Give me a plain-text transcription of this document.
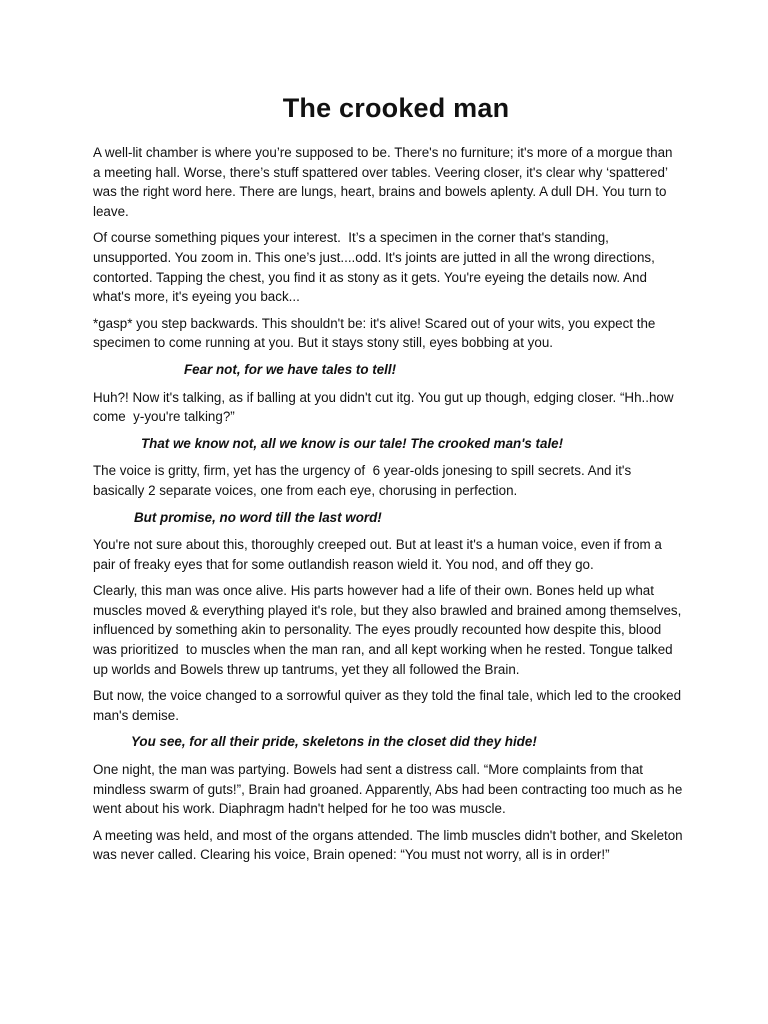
The crooked man

A well-lit chamber is where you’re supposed to be. There's no furniture; it's more of a morgue than a meeting hall. Worse, there’s stuff spattered over tables. Veering closer, it's clear why ‘spattered’ was the right word here. There are lungs, heart, brains and bowels aplenty. A dull DH. You turn to leave.

Of course something piques your interest.  It’s a specimen in the corner that's standing, unsupported. You zoom in. This one’s just....odd. It's joints are jutted in all the wrong directions, contorted. Tapping the chest, you find it as stony as it gets. You're eyeing the details now. And what's more, it's eyeing you back...

*gasp* you step backwards. This shouldn't be: it's alive! Scared out of your wits, you expect the specimen to come running at you. But it stays stony still, eyes bobbing at you.

Fear not, for we have tales to tell!

Huh?! Now it's talking, as if balling at you didn't cut itg. You gut up though, edging closer. “Hh..how come  y-you're talking?”

That we know not, all we know is our tale! The crooked man's tale!

The voice is gritty, firm, yet has the urgency of  6 year-olds jonesing to spill secrets. And it's basically 2 separate voices, one from each eye, chorusing in perfection.

But promise, no word till the last word!

You're not sure about this, thoroughly creeped out. But at least it's a human voice, even if from a pair of freaky eyes that for some outlandish reason wield it. You nod, and off they go.

Clearly, this man was once alive. His parts however had a life of their own. Bones held up what muscles moved & everything played it's role, but they also brawled and brained among themselves, influenced by something akin to personality. The eyes proudly recounted how despite this, blood was prioritized  to muscles when the man ran, and all kept working when he rested. Tongue talked up worlds and Bowels threw up tantrums, yet they all followed the Brain.

But now, the voice changed to a sorrowful quiver as they told the final tale, which led to the crooked man's demise.

You see, for all their pride, skeletons in the closet did they hide!

One night, the man was partying. Bowels had sent a distress call. “More complaints from that mindless swarm of guts!”, Brain had groaned. Apparently, Abs had been contracting too much as he went about his work. Diaphragm hadn't helped for he too was muscle.

A meeting was held, and most of the organs attended. The limb muscles didn't bother, and Skeleton was never called. Clearing his voice, Brain opened: “You must not worry, all is in order!”
